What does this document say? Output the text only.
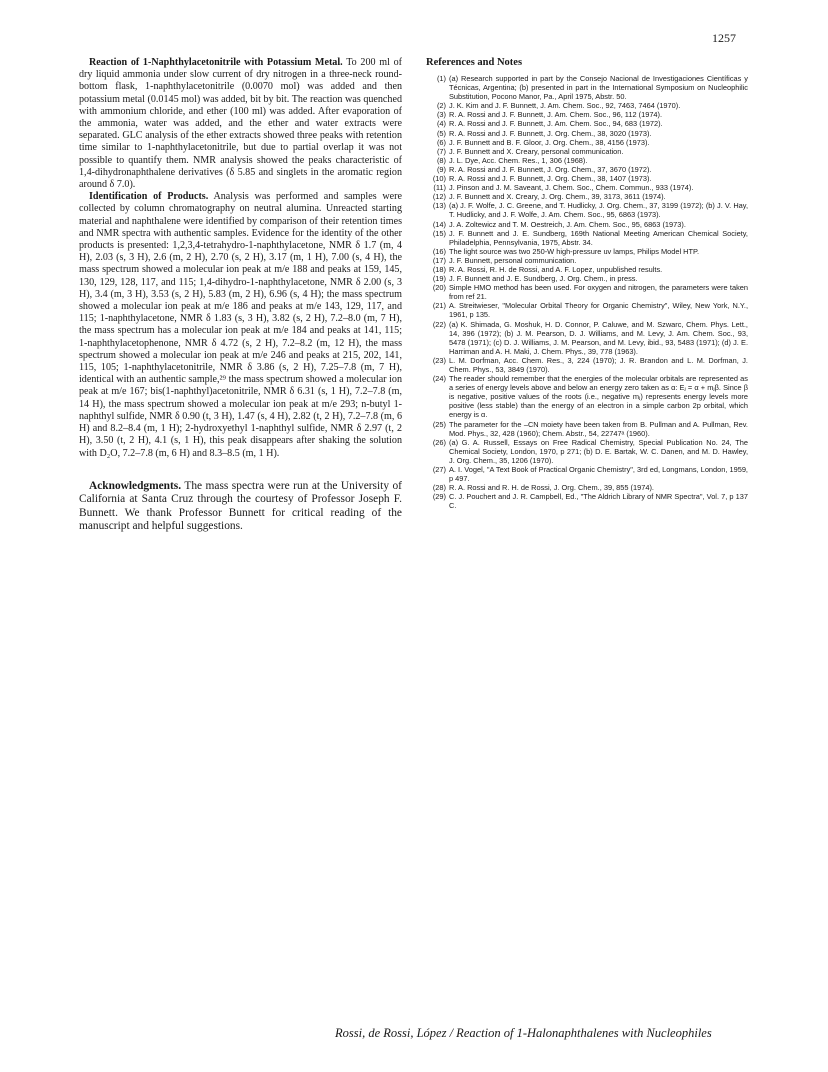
1257

Reaction of 1-Naphthylacetonitrile with Potassium Metal. To 200 ml of dry liquid ammonia under slow current of dry nitrogen in a three-neck round-bottom flask, 1-naphthylacetonitrile (0.0070 mol) was added and then potassium metal (0.0145 mol) was added, bit by bit. The reaction was quenched with ammonium chloride, and ether (100 ml) was added. After evaporation of the ammonia, water was added, and the ether and water extracts were separated. GLC analysis of the ether extracts showed three peaks with retention time similar to 1-naphthylacetonitrile, but due to partial overlap it was not possible to quantify them. NMR analysis showed the peaks characteristic of 1,4-dihydronaphthalene derivatives (δ 5.85 and singlets in the aromatic region around δ 7.0).

Identification of Products. Analysis was performed and samples were collected by column chromatography on neutral alumina. Unreacted starting material and naphthalene were identified by comparison of their retention times and NMR spectra with authentic samples. Evidence for the identity of the other products is presented: 1,2,3,4-tetrahydro-1-naphthylacetone, NMR δ 1.7 (m, 4 H), 2.03 (s, 3 H), 2.6 (m, 2 H), 2.70 (s, 2 H), 3.17 (m, 1 H), 7.00 (s, 4 H), the mass spectrum showed a molecular ion peak at m/e 188 and peaks at 159, 145, 130, 129, 128, 117, and 115; 1,4-dihydro-1-naphthylacetone, NMR δ 2.00 (s, 3 H), 3.4 (m, 3 H), 3.53 (s, 2 H), 5.83 (m, 2 H), 6.96 (s, 4 H); the mass spectrum showed a molecular ion peak at m/e 186 and peaks at m/e 143, 129, 117, and 115; 1-naphthylacetone, NMR δ 1.83 (s, 3 H), 3.82 (s, 2 H), 7.2–8.0 (m, 7 H), the mass spectrum has a molecular ion peak at m/e 184 and peaks at 141, 115; 1-naphthylacetophenone, NMR δ 4.72 (s, 2 H), 7.2–8.2 (m, 12 H), the mass spectrum showed a molecular ion peak at m/e 246 and peaks at 215, 202, 141, 115, 105; 1-naphthylacetonitrile, NMR δ 3.86 (s, 2 H), 7.25–7.8 (m, 7 H), identical with an authentic sample,²⁹ the mass spectrum showed a molecular ion peak at m/e 167; bis(1-naphthyl)acetonitrile, NMR δ 6.31 (s, 1 H), 7.2–7.8 (m, 14 H), the mass spectrum showed a molecular ion peak at m/e 293; n-butyl 1-naphthyl sulfide, NMR δ 0.90 (t, 3 H), 1.47 (s, 4 H), 2.82 (t, 2 H), 7.2–7.8 (m, 6 H) and 8.2–8.4 (m, 1 H); 2-hydroxyethyl 1-naphthyl sulfide, NMR δ 2.97 (t, 2 H), 3.50 (t, 2 H), 4.1 (s, 1 H), this peak disappears after shaking the solution with D₂O, 7.2–7.8 (m, 6 H) and 8.3–8.5 (m, 1 H).

Acknowledgments. The mass spectra were run at the University of California at Santa Cruz through the courtesy of Professor Joseph F. Bunnett. We thank Professor Bunnett for critical reading of the manuscript and helpful suggestions.

References and Notes
(1) (a) Research supported in part by the Consejo Nacional de Investigaciones Científicas y Técnicas, Argentina; (b) presented in part in the International Symposium on Nucleophilic Substitution, Pocono Manor, Pa., April 1975, Abstr. 50.
(2) J. K. Kim and J. F. Bunnett, J. Am. Chem. Soc., 92, 7463, 7464 (1970).
(3) R. A. Rossi and J. F. Bunnett, J. Am. Chem. Soc., 96, 112 (1974).
(4) R. A. Rossi and J. F. Bunnett, J. Am. Chem. Soc., 94, 683 (1972).
(5) R. A. Rossi and J. F. Bunnett, J. Org. Chem., 38, 3020 (1973).
(6) J. F. Bunnett and B. F. Gloor, J. Org. Chem., 38, 4156 (1973).
(7) J. F. Bunnett and X. Creary, personal communication.
(8) J. L. Dye, Acc. Chem. Res., 1, 306 (1968).
(9) R. A. Rossi and J. F. Bunnett, J. Org. Chem., 37, 3670 (1972).
(10) R. A. Rossi and J. F. Bunnett, J. Org. Chem., 38, 1407 (1973).
(11) J. Pinson and J. M. Saveant, J. Chem. Soc., Chem. Commun., 933 (1974).
(12) J. F. Bunnett and X. Creary, J. Org. Chem., 39, 3173, 3611 (1974).
(13) (a) J. F. Wolfe, J. C. Greene, and T. Hudlicky, J. Org. Chem., 37, 3199 (1972); (b) J. V. Hay, T. Hudlicky, and J. F. Wolfe, J. Am. Chem. Soc., 95, 6863 (1973).
(14) J. A. Zoltewicz and T. M. Oestreich, J. Am. Chem. Soc., 95, 6863 (1973).
(15) J. F. Bunnett and J. E. Sundberg, 169th National Meeting American Chemical Society, Philadelphia, Pennsylvania, 1975, Abstr. 34.
(16) The light source was two 250-W high-pressure uv lamps, Philips Model HTP.
(17) J. F. Bunnett, personal communication.
(18) R. A. Rossi, R. H. de Rossi, and A. F. Lopez, unpublished results.
(19) J. F. Bunnett and J. E. Sundberg, J. Org. Chem., in press.
(20) Simple HMO method has been used. For oxygen and nitrogen, the parameters were taken from ref 21.
(21) A. Streitwieser, "Molecular Orbital Theory for Organic Chemistry", Wiley, New York, N.Y., 1961, p 135.
(22) (a) K. Shimada, G. Moshuk, H. D. Connor, P. Caluwe, and M. Szwarc, Chem. Phys. Lett., 14, 396 (1972); (b) J. M. Pearson, D. J. Williams, and M. Levy, J. Am. Chem. Soc., 93, 5478 (1971); (c) D. J. Williams, J. M. Pearson, and M. Levy, ibid., 93, 5483 (1971); (d) J. E. Harriman and A. H. Maki, J. Chem. Phys., 39, 778 (1963).
(23) L. M. Dorfman, Acc. Chem. Res., 3, 224 (1970); J. R. Brandon and L. M. Dorfman, J. Chem. Phys., 53, 3849 (1970).
(24) The reader should remember that the energies of the molecular orbitals are represented as a series of energy levels above and below an energy zero taken as α: Eⱼ = α + mⱼβ. Since β is negative, positive values of the roots (i.e., negative mⱼ) represents energy levels more positive (less stable) than the energy of an electron in a simple carbon 2p orbital, which energy is α.
(25) The parameter for the –CN moiety have been taken from B. Pullman and A. Pullman, Rev. Mod. Phys., 32, 428 (1960); Chem. Abstr., 54, 22747ᵃ (1960).
(26) (a) G. A. Russell, Essays on Free Radical Chemistry, Special Publication No. 24, The Chemical Society, London, 1970, p 271; (b) D. E. Bartak, W. C. Danen, and M. D. Hawley, J. Org. Chem., 35, 1206 (1970).
(27) A. I. Vogel, "A Text Book of Practical Organic Chemistry", 3rd ed, Longmans, London, 1959, p 497.
(28) R. A. Rossi and R. H. de Rossi, J. Org. Chem., 39, 855 (1974).
(29) C. J. Pouchert and J. R. Campbell, Ed., "The Aldrich Library of NMR Spectra", Vol. 7, p 137 C.
Rossi, de Rossi, López / Reaction of 1-Halonaphthalenes with Nucleophiles
